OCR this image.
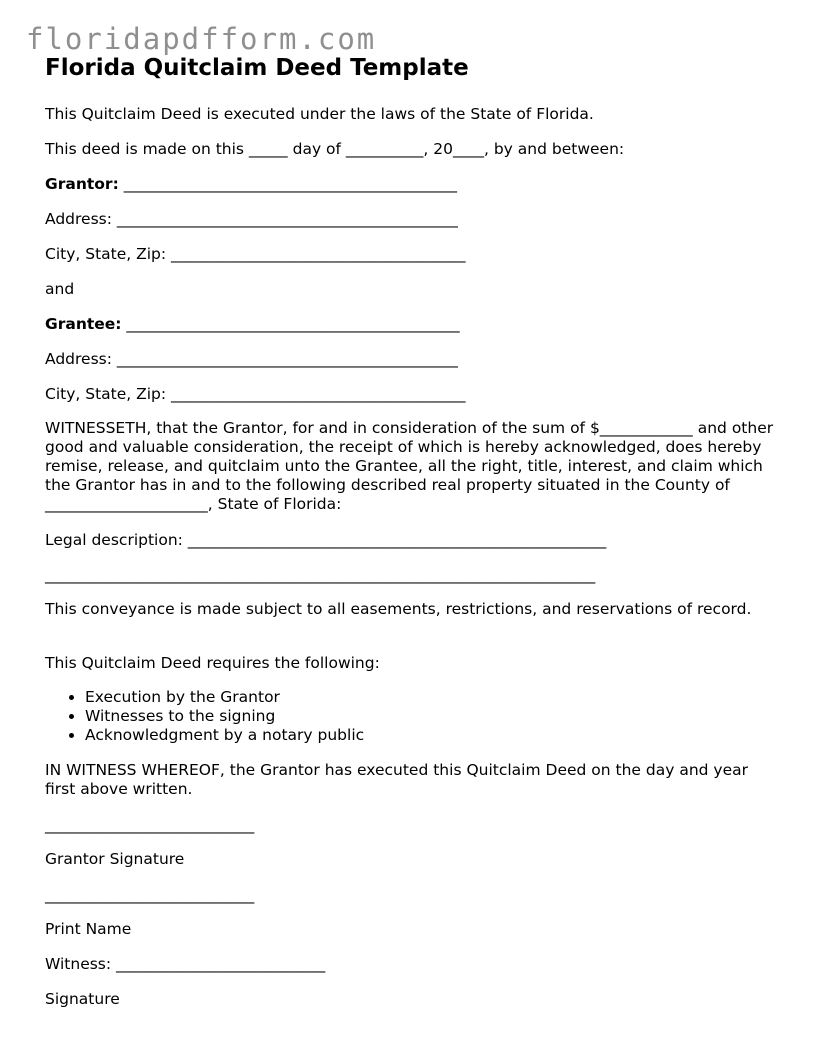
floridapdfform.com
Florida Quitclaim Deed Template

This Quitclaim Deed is executed under the laws of the State of Florida.

This deed is made on this _____ day of __________, 20____, by and between:

Grantor: ___________________________________________

Address: ____________________________________________

City, State, Zip: ______________________________________

and

Grantee: ___________________________________________

Address: ____________________________________________

City, State, Zip: ______________________________________

WITNESSETH, that the Grantor, for and in consideration of the sum of $____________ and other good and valuable consideration, the receipt of which is hereby acknowledged, does hereby remise, release, and quitclaim unto the Grantee, all the right, title, interest, and claim which the Grantor has in and to the following described real property situated in the County of _____________________, State of Florida:

Legal description: ______________________________________________________

_______________________________________________________________________

This conveyance is made subject to all easements, restrictions, and reservations of record.

This Quitclaim Deed requires the following:

• Execution by the Grantor
• Witnesses to the signing
• Acknowledgment by a notary public

IN WITNESS WHEREOF, the Grantor has executed this Quitclaim Deed on the day and year first above written.

___________________________

Grantor Signature

___________________________

Print Name

Witness: ___________________________

Signature
